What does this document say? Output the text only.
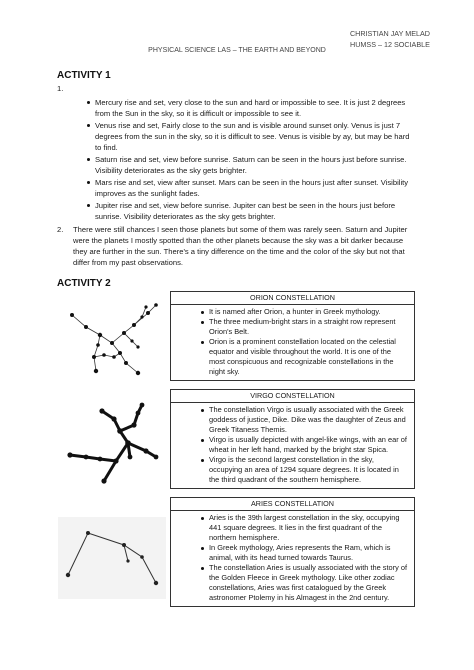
CHRISTIAN JAY MELAD
HUMSS – 12 SOCIABLE
PHYSICAL SCIENCE LAS – THE EARTH AND BEYOND
ACTIVITY 1
1.
Mercury rise and set, very close to the sun and hard or impossible to see. It is just 2 degrees from the Sun in the sky, so it is difficult or impossible to see it.
Venus rise and set, Fairly close to the sun and is visible around sunset only. Venus is just 7 degrees from the sun in the sky, so it is difficult to see. Venus is visible by ay, but may be hard to find.
Saturn rise and set, view before sunrise. Saturn can be seen in the hours just before sunrise. Visibility deteriorates as the sky gets brighter.
Mars rise and set, view after sunset. Mars can be seen in the hours just after sunset. Visibility improves as the sunlight fades.
Jupiter rise and set, view before sunrise. Jupiter can best be seen in the hours just before sunrise. Visibility deteriorates as the sky gets brighter.
2.	There were still chances I seen those planets but some of them was rarely seen. Saturn and Jupiter were the planets I mostly spotted than the other planets because the sky was a bit darker because they are further in the sun. There's a tiny difference on the time and the color of the sky but not that differ from my past observations.
ACTIVITY 2
ORION CONSTELLATION
It is named after Orion, a hunter in Greek mythology.
The three medium-bright stars in a straight row represent Orion's Belt.
Orion is a prominent constellation located on the celestial equator and visible throughout the world. It is one of the most conspicuous and recognizable constellations in the night sky.
VIRGO CONSTELLATION
The constellation Virgo is usually associated with the Greek goddess of justice, Dike. Dike was the daughter of Zeus and Greek Titaness Themis.
Virgo is usually depicted with angel-like wings, with an ear of wheat in her left hand, marked by the bright star Spica.
Virgo is the second largest constellation in the sky, occupying an area of 1294 square degrees. It is located in the third quadrant of the southern hemisphere.
ARIES CONSTELLATION
Aries is the 39th largest constellation in the sky, occupying 441 square degrees. It lies in the first quadrant of the northern hemisphere.
In Greek mythology, Aries represents the Ram, which is animal, with its head turned towards Taurus.
The constellation Aries is usually associated with the story of the Golden Fleece in Greek mythology. Like other zodiac constellations, Aries was first catalogued by the Greek astronomer Ptolemy in his Almagest in the 2nd century.
